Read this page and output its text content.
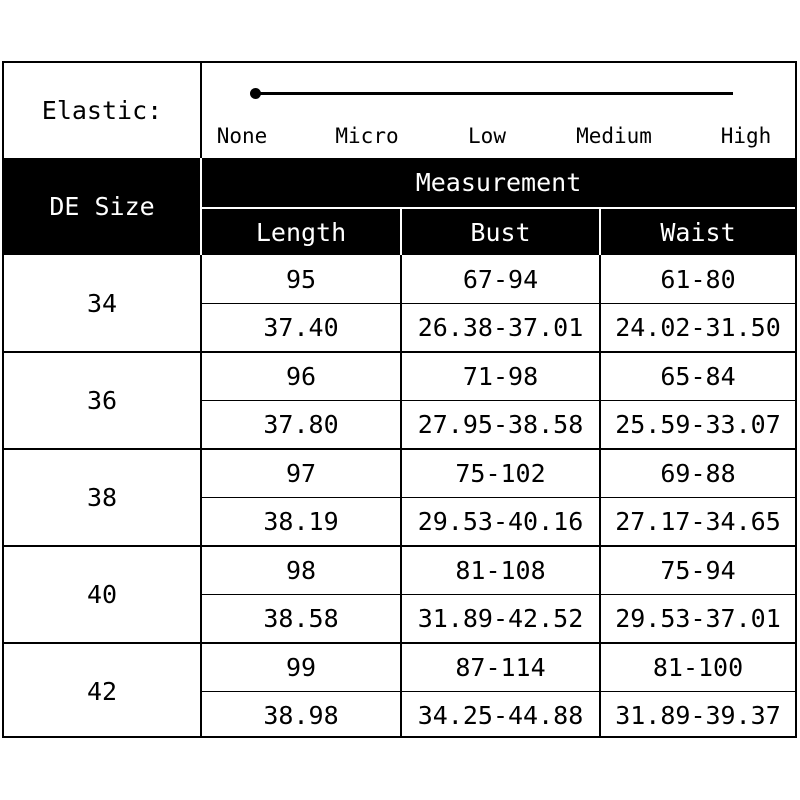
Elastic:
None	Micro	Low	Medium	High
DE Size
Measurement
Length	Bust	Waist
34
95	67-94	61-80
37.40	26.38-37.01	24.02-31.50
36
96	71-98	65-84
37.80	27.95-38.58	25.59-33.07
38
97	75-102	69-88
38.19	29.53-40.16	27.17-34.65
40
98	81-108	75-94
38.58	31.89-42.52	29.53-37.01
42
99	87-114	81-100
38.98	34.25-44.88	31.89-39.37
